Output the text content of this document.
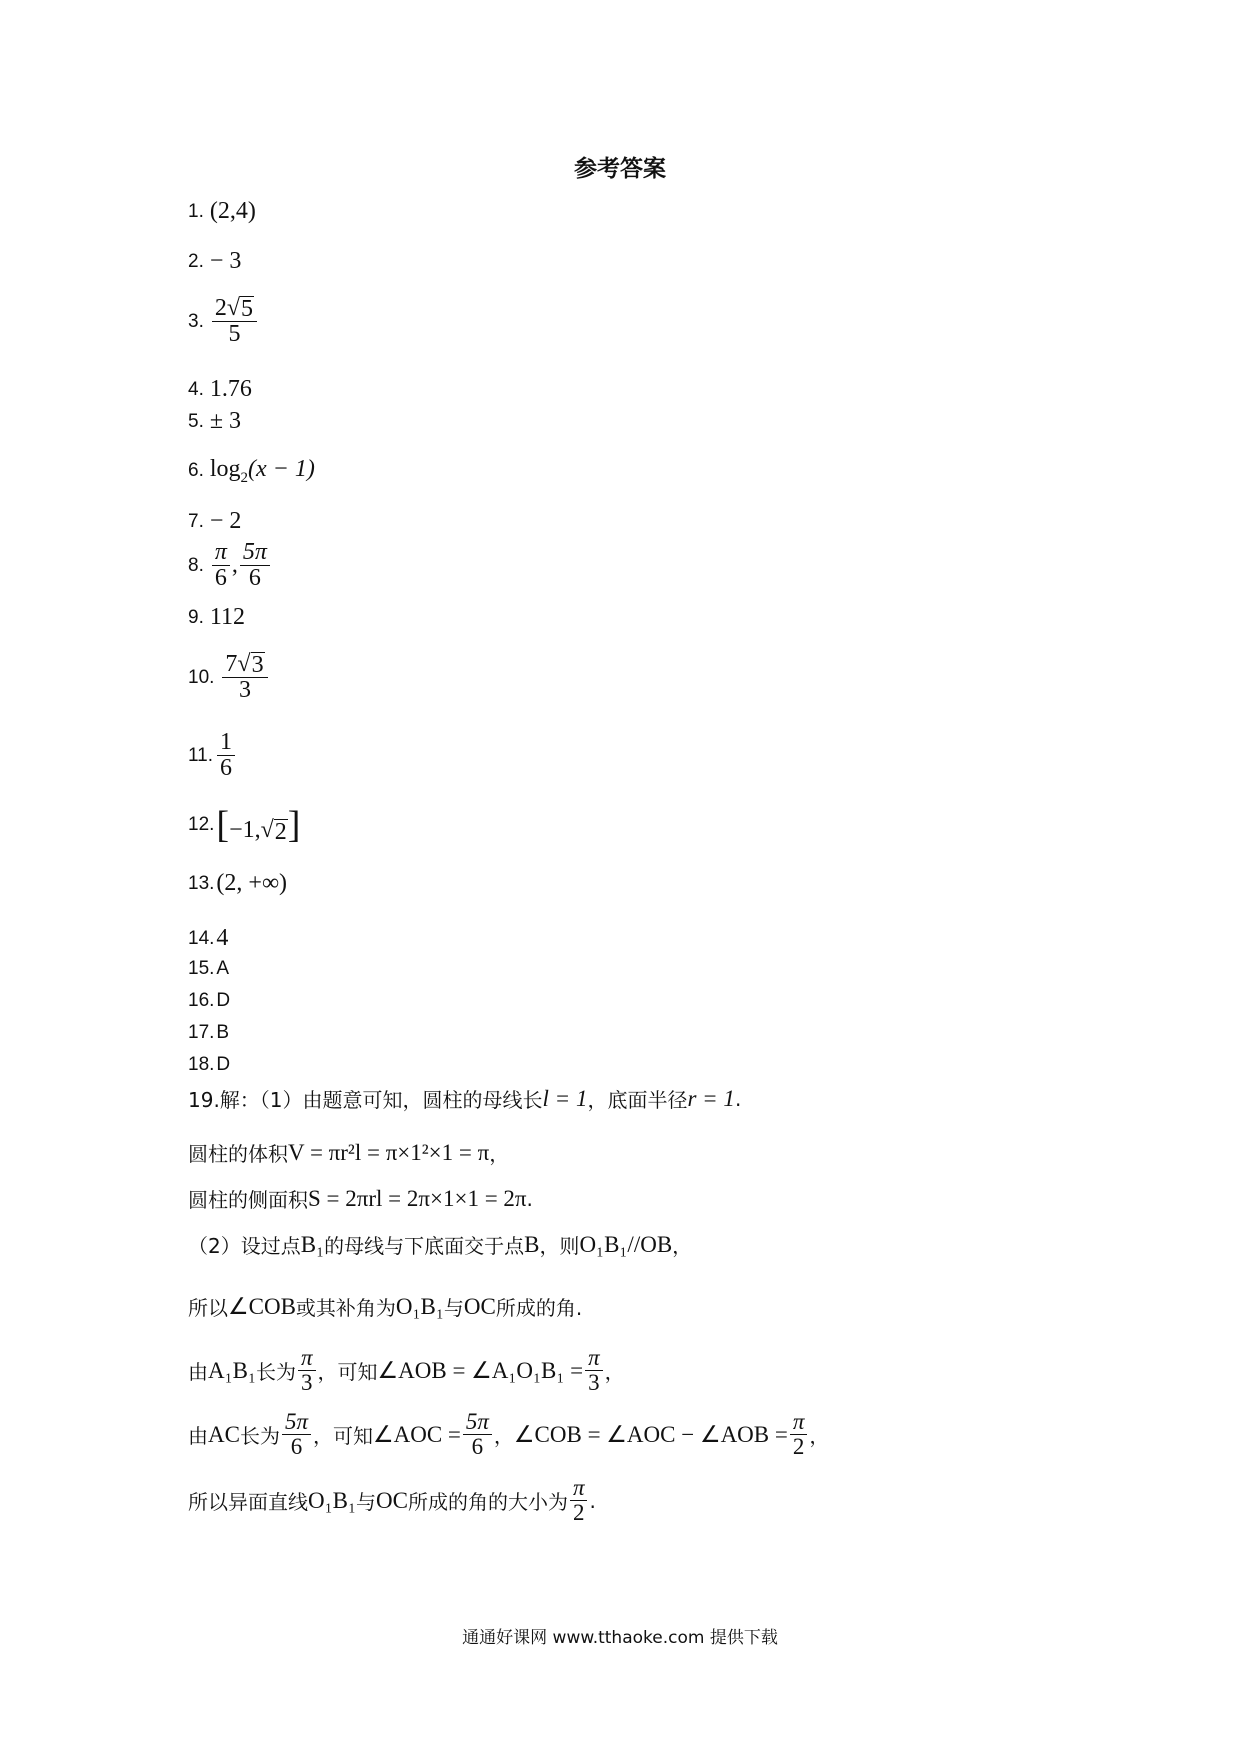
参考答案
1. (2,4)
2. − 3
3. $\frac{2 √ 5}{5}$
4. 1.76
5. ± 3
6. $\log_2(x - 1)$
7. − 2
8. $\frac{\pi}{6}$ , $\frac{5\pi}{6}$
9. 112
10. $\frac{7 √ 3}{3}$
11. $\frac{1}{6}$
12. [−1, √ 2 ]
13. (2, +∞)
14. 4
15. A
16. D
17. B
18. D
19.解：（1）由题意可知，圆柱的母线长 l = 1 ，底面半径 r = 1 .
圆柱的体积 V = πr²l = π×1²×1 = π ，
圆柱的侧面积 S = 2πrl = 2π×1×1 = 2π .
（2）设过点 B₁ 的母线与下底面交于点 B ，则 O₁B₁//OB ，
所以 ∠COB 或其补角为 O₁B₁ 与 OC 所成的角.
由 A₁B₁ 长为 $\frac{\pi}{3}$ ，可知 ∠AOB = ∠A₁O₁B₁ = $\frac{\pi}{3}$ ，
由 AC 长为 $\frac{5\pi}{6}$ ，可知 ∠AOC = $\frac{5\pi}{6}$ ， ∠COB = ∠AOC − ∠AOB = $\frac{\pi}{2}$ ，
所以异面直线 O₁B₁ 与 OC 所成的角的大小为 $\frac{\pi}{2}$ .
通通好课网 www.tthaoke.com 提供下载
